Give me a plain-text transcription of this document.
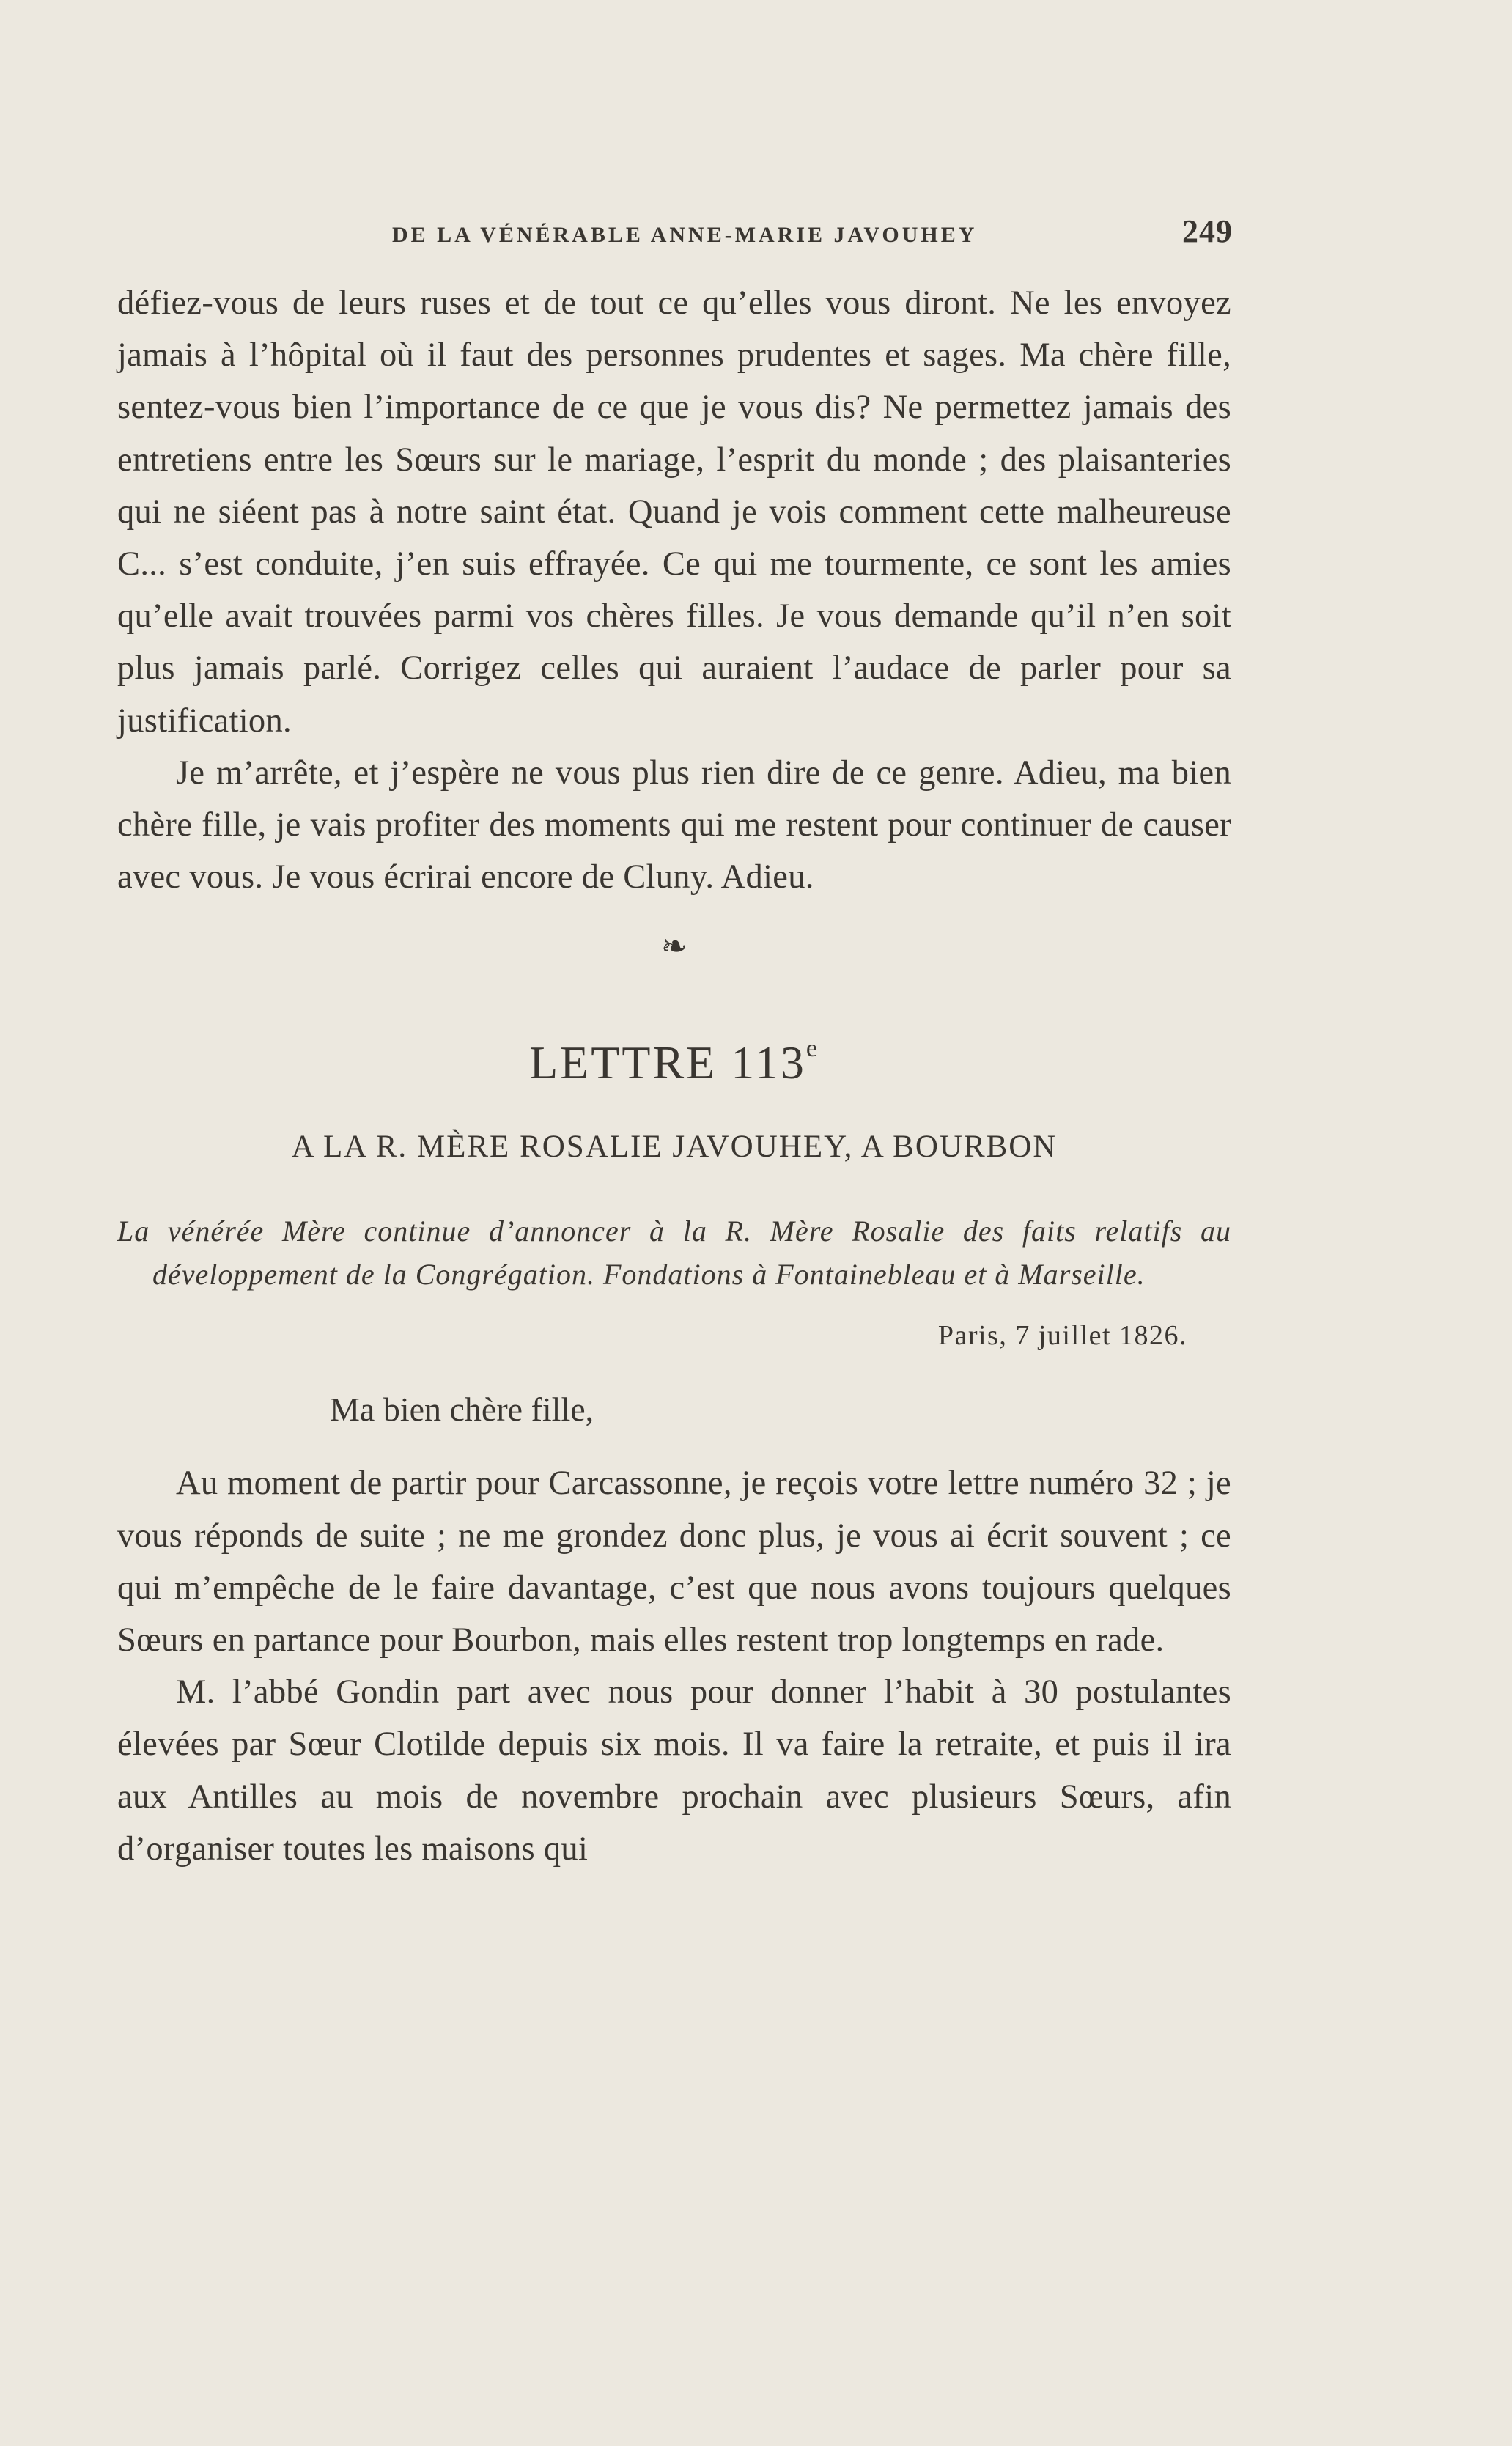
DE LA VÉNÉRABLE ANNE-MARIE JAVOUHEY	249

défiez-vous de leurs ruses et de tout ce qu’elles vous diront. Ne les envoyez jamais à l’hôpital où il faut des personnes prudentes et sages. Ma chère fille, sentez-vous bien l’importance de ce que je vous dis? Ne permettez jamais des entretiens entre les Sœurs sur le mariage, l’esprit du monde ; des plaisanteries qui ne siéent pas à notre saint état. Quand je vois comment cette malheureuse C... s’est conduite, j’en suis effrayée. Ce qui me tourmente, ce sont les amies qu’elle avait trouvées parmi vos chères filles. Je vous demande qu’il n’en soit plus jamais parlé. Corrigez celles qui auraient l’audace de parler pour sa justification.

Je m’arrête, et j’espère ne vous plus rien dire de ce genre. Adieu, ma bien chère fille, je vais profiter des moments qui me restent pour continuer de causer avec vous. Je vous écrirai encore de Cluny. Adieu.

❧
LETTRE 113e
A LA R. MÈRE ROSALIE JAVOUHEY, A BOURBON
La vénérée Mère continue d’annoncer à la R. Mère Rosalie des faits relatifs au développement de la Congrégation. Fondations à Fontainebleau et à Marseille.
Paris, 7 juillet 1826.
Ma bien chère fille,

Au moment de partir pour Carcassonne, je reçois votre lettre numéro 32 ; je vous réponds de suite ; ne me grondez donc plus, je vous ai écrit souvent ; ce qui m’empêche de le faire davantage, c’est que nous avons toujours quelques Sœurs en partance pour Bourbon, mais elles restent trop longtemps en rade.

M. l’abbé Gondin part avec nous pour donner l’habit à 30 postulantes élevées par Sœur Clotilde depuis six mois. Il va faire la retraite, et puis il ira aux Antilles au mois de novembre prochain avec plusieurs Sœurs, afin d’organiser toutes les maisons qui
